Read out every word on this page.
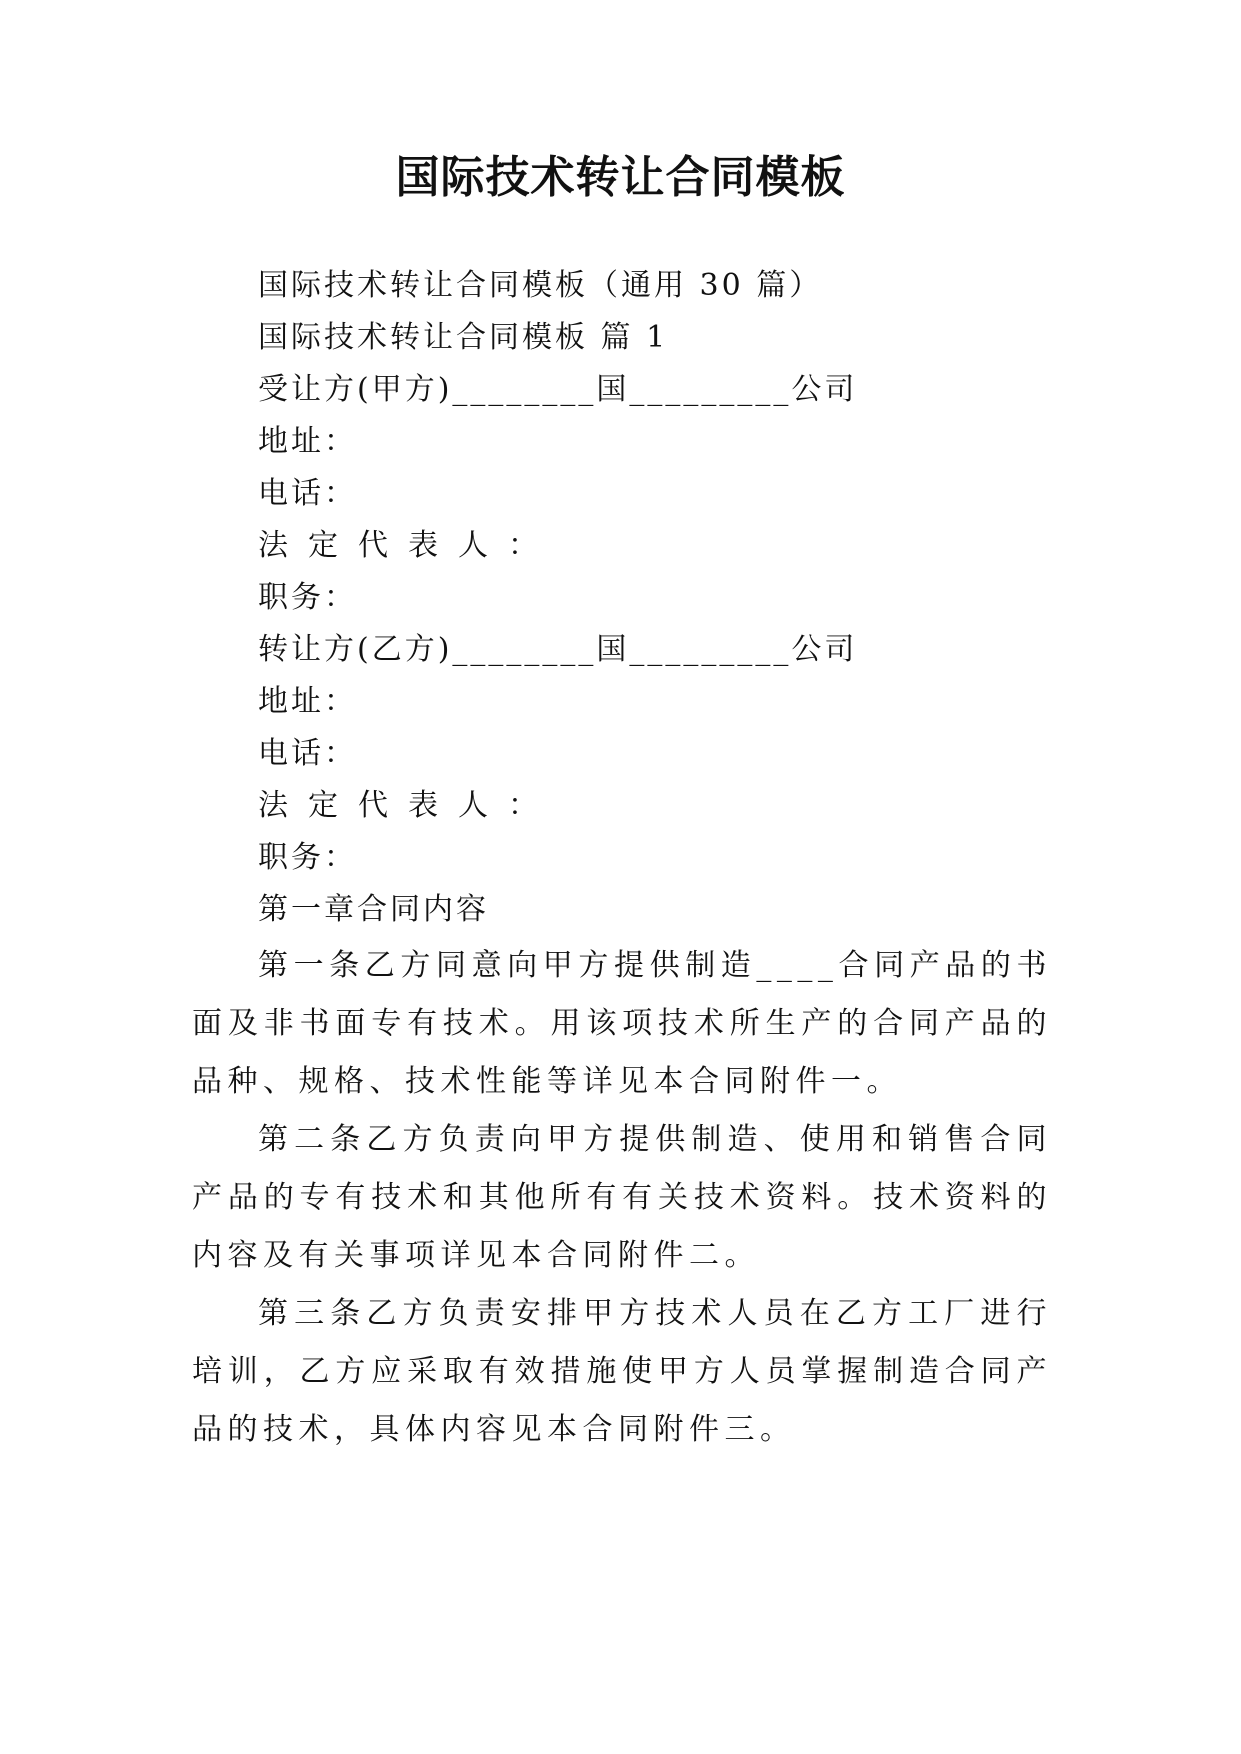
国际技术转让合同模板
国际技术转让合同模板（通用 30 篇）
国际技术转让合同模板 篇 1
受让方(甲方)________国_________公司
地址：
电话：
法定代表人：
职务：
转让方(乙方)________国_________公司
地址：
电话：
法定代表人：
职务：
第一章合同内容
第一条乙方同意向甲方提供制造____合同产品的书面及非书面专有技术。用该项技术所生产的合同产品的品种、规格、技术性能等详见本合同附件一。
第二条乙方负责向甲方提供制造、使用和销售合同产品的专有技术和其他所有有关技术资料。技术资料的内容及有关事项详见本合同附件二。
第三条乙方负责安排甲方技术人员在乙方工厂进行培训，乙方应采取有效措施使甲方人员掌握制造合同产品的技术，具体内容见本合同附件三。
